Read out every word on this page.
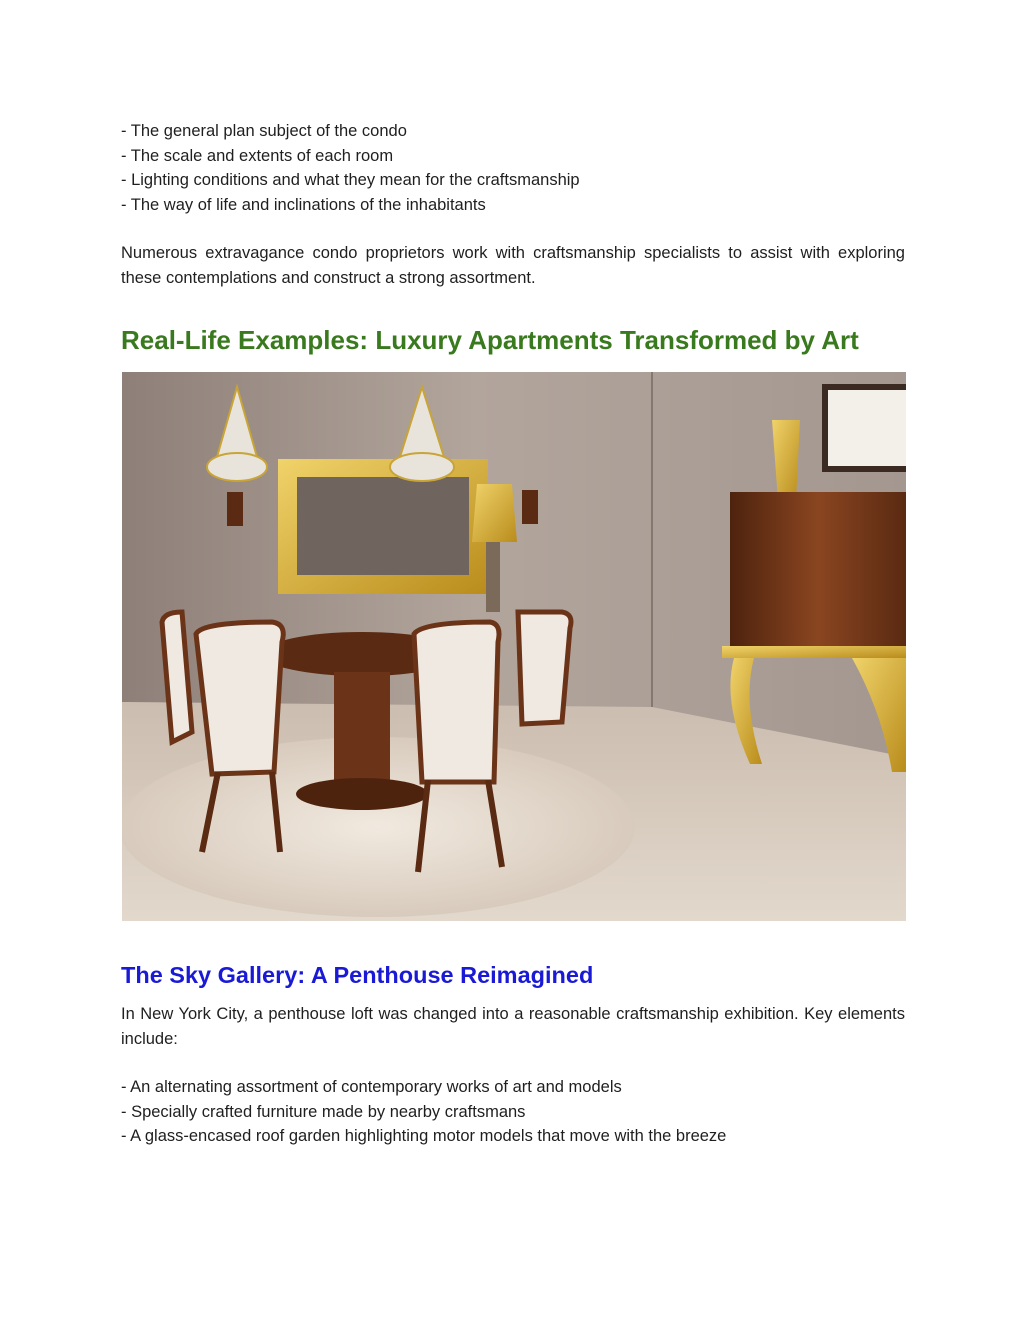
- The general plan subject of the condo
- The scale and extents of each room
- Lighting conditions and what they mean for the craftsmanship
- The way of life and inclinations of the inhabitants

Numerous extravagance condo proprietors work with craftsmanship specialists to assist with exploring these contemplations and construct a strong assortment.

Real-Life Examples: Luxury Apartments Transformed by Art
The Sky Gallery: A Penthouse Reimagined

In New York City, a penthouse loft was changed into a reasonable craftsmanship exhibition. Key elements include:

- An alternating assortment of contemporary works of art and models
- Specially crafted furniture made by nearby craftsmans
- A glass-encased roof garden highlighting motor models that move with the breeze
